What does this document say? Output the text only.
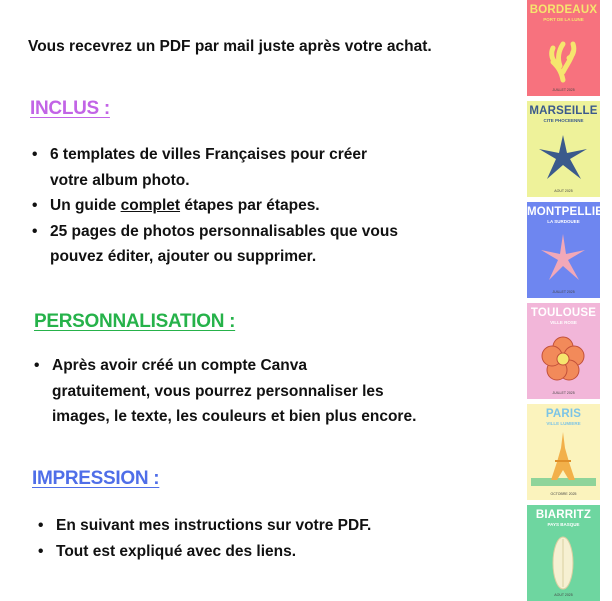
Vous recevrez un PDF par mail juste après votre achat.
INCLUS :
• 6 templates de villes Françaises pour créer
votre album photo.
• Un guide complet étapes par étapes.
• 25 pages de photos personnalisables que vous
pouvez éditer, ajouter ou supprimer.
PERSONNALISATION :
• Après avoir créé un compte Canva
gratuitement, vous pourrez personnaliser les
images, le texte, les couleurs et bien plus encore.
IMPRESSION :
• En suivant mes instructions sur votre PDF.
• Tout est expliqué avec des liens.
BORDEAUX
PORT DE LA LUNE
JUILLET 2025
MARSEILLE
CITE PHOCEENNE
AOUT 2025
MONTPELLIER
LA SURDOUEE
JUILLET 2025
TOULOUSE
VILLE ROSE
JUILLET 2025
PARIS
VILLE LUMIERE
OCTOBRE 2025
BIARRITZ
PAYS BASQUE
AOUT 2025
